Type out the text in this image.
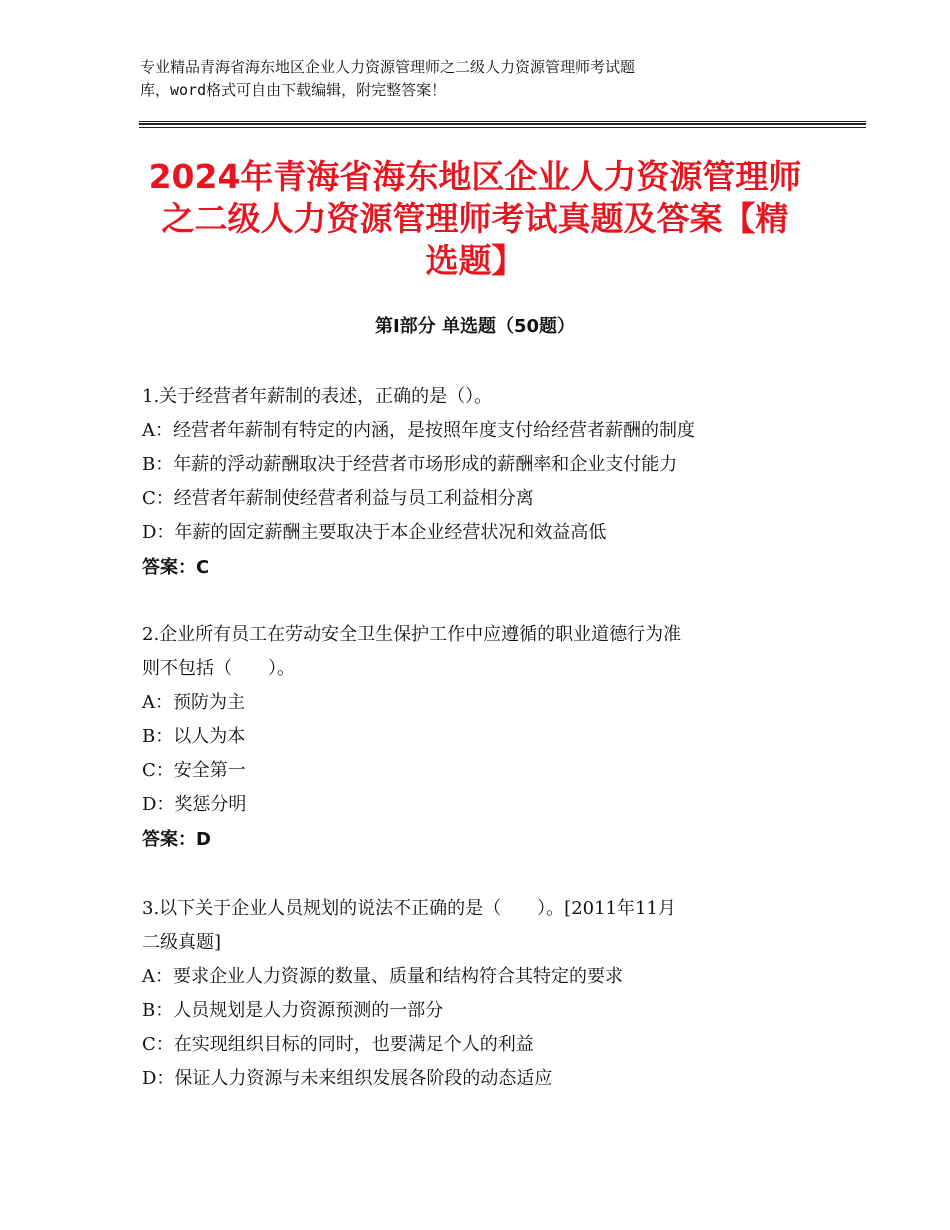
专业精品青海省海东地区企业人力资源管理师之二级人力资源管理师考试题
库，word格式可自由下载编辑，附完整答案！
2024年青海省海东地区企业人力资源管理师
之二级人力资源管理师考试真题及答案【精
选题】
第Ⅰ部分 单选题（50题）
1.关于经营者年薪制的表述，正确的是（）。
A：经营者年薪制有特定的内涵，是按照年度支付给经营者薪酬的制度
B：年薪的浮动薪酬取决于经营者市场形成的薪酬率和企业支付能力
C：经营者年薪制使经营者利益与员工利益相分离
D：年薪的固定薪酬主要取决于本企业经营状况和效益高低
答案：C
2.企业所有员工在劳动安全卫生保护工作中应遵循的职业道德行为准
则不包括（　　）。
A：预防为主
B：以人为本
C：安全第一
D：奖惩分明
答案：D
3.以下关于企业人员规划的说法不正确的是（　　）。[2011年11月
二级真题]
A：要求企业人力资源的数量、质量和结构符合其特定的要求
B：人员规划是人力资源预测的一部分
C：在实现组织目标的同时，也要满足个人的利益
D：保证人力资源与未来组织发展各阶段的动态适应
